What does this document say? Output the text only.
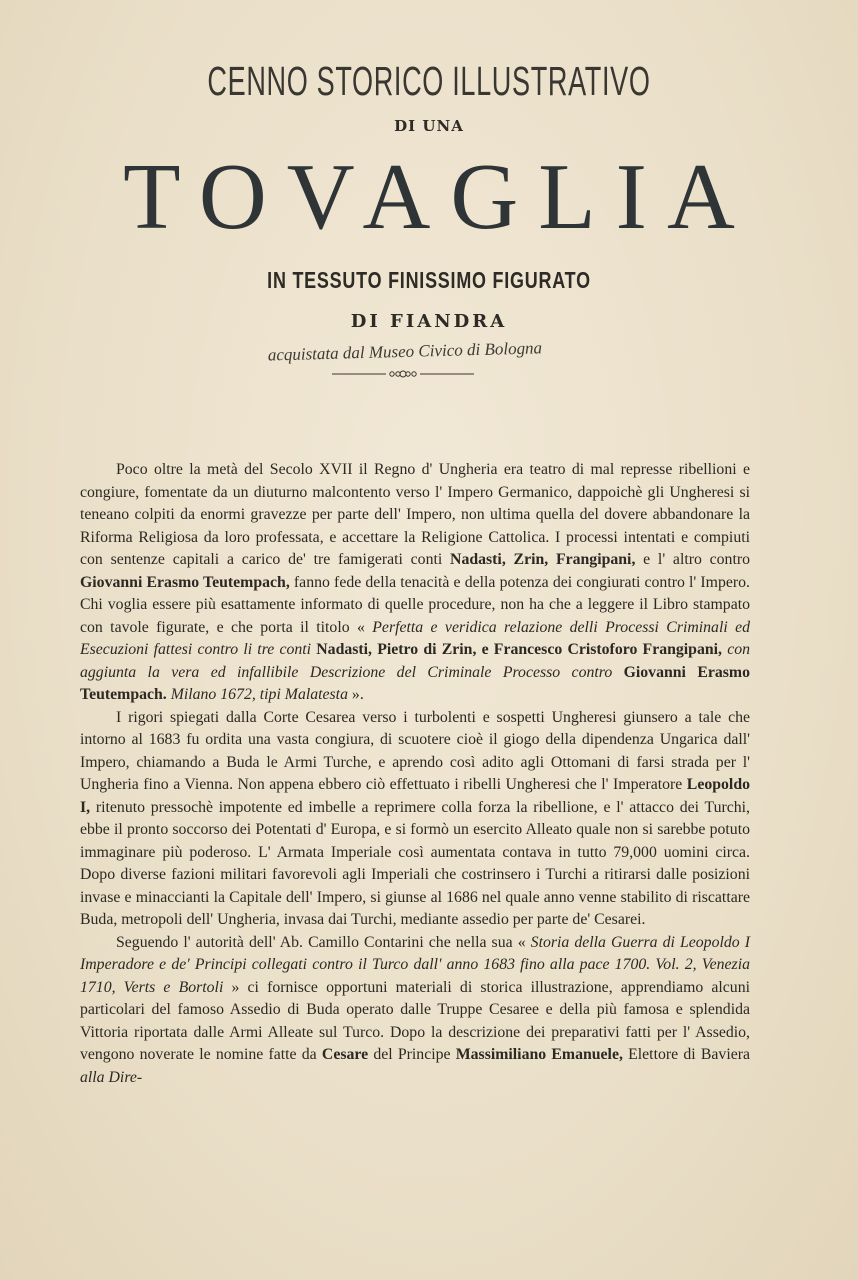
CENNO STORICO ILLUSTRATIVO
DI UNA
TOVAGLIA
IN TESSUTO FINISSIMO FIGURATO
DI FIANDRA
acquistata dal Museo Civico di Bologna

Poco oltre la metà del Secolo XVII il Regno d' Ungheria era teatro di mal represse ribellioni e congiure, fomentate da un diuturno malcontento verso l' Impero Germanico, dappoichè gli Ungheresi si teneano colpiti da enormi gravezze per parte dell' Impero, non ultima quella del dovere abbandonare la Riforma Religiosa da loro professata, e accettare la Religione Cattolica. I processi intentati e compiuti con sentenze capitali a carico de' tre famigerati conti Nadasti, Zrin, Frangipani, e l' altro contro Giovanni Erasmo Teutempach, fanno fede della tenacità e della potenza dei congiurati contro l' Impero. Chi voglia essere più esattamente informato di quelle procedure, non ha che a leggere il Libro stampato con tavole figurate, e che porta il titolo « Perfetta e veridica relazione delli Processi Criminali ed Esecuzioni fattesi contro li tre conti Nadasti, Pietro di Zrin, e Francesco Cristoforo Frangipani, con aggiunta la vera ed infallibile Descrizione del Criminale Processo contro Giovanni Erasmo Teutempach. Milano 1672, tipi Malatesta ».

I rigori spiegati dalla Corte Cesarea verso i turbolenti e sospetti Ungheresi giunsero a tale che intorno al 1683 fu ordita una vasta congiura, di scuotere cioè il giogo della dipendenza Ungarica dall' Impero, chiamando a Buda le Armi Turche, e aprendo così adito agli Ottomani di farsi strada per l' Ungheria fino a Vienna. Non appena ebbero ciò effettuato i ribelli Ungheresi che l' Imperatore Leopoldo I, ritenuto pressochè impotente ed imbelle a reprimere colla forza la ribellione, e l' attacco dei Turchi, ebbe il pronto soccorso dei Potentati d' Europa, e si formò un esercito Alleato quale non si sarebbe potuto immaginare più poderoso. L' Armata Imperiale così aumentata contava in tutto 79,000 uomini circa. Dopo diverse fazioni militari favorevoli agli Imperiali che costrinsero i Turchi a ritirarsi dalle posizioni invase e minaccianti la Capitale dell' Impero, si giunse al 1686 nel quale anno venne stabilito di riscattare Buda, metropoli dell' Ungheria, invasa dai Turchi, mediante assedio per parte de' Cesarei.

Seguendo l' autorità dell' Ab. Camillo Contarini che nella sua « Storia della Guerra di Leopoldo I Imperadore e de' Principi collegati contro il Turco dall' anno 1683 fino alla pace 1700. Vol. 2, Venezia 1710, Verts e Bortoli » ci fornisce opportuni materiali di storica illustrazione, apprendiamo alcuni particolari del famoso Assedio di Buda operato dalle Truppe Cesaree e della più famosa e splendida Vittoria riportata dalle Armi Alleate sul Turco. Dopo la descrizione dei preparativi fatti per l' Assedio, vengono noverate le nomine fatte da Cesare del Principe Massimiliano Emanuele, Elettore di Baviera alla Dire-
